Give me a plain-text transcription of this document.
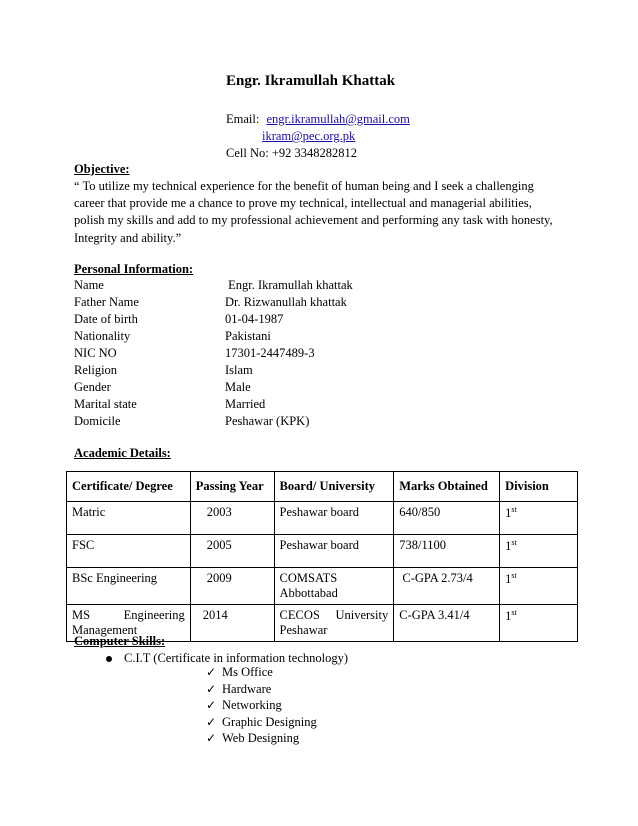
Engr. Ikramullah Khattak
Email: engr.ikramullah@gmail.com
ikram@pec.org.pk
Cell No: +92 3348282812
Objective:
“ To utilize my technical experience for the benefit of human being and I seek a challenging
career that provide me a chance to prove my technical, intellectual and managerial abilities,
polish my skills and add to my professional achievement and performing any task with honesty,
Integrity and ability.”
Personal Information:
Name	Engr. Ikramullah khattak
Father Name	Dr. Rizwanullah khattak
Date of birth	01-04-1987
Nationality	Pakistani
NIC NO	17301-2447489-3
Religion	Islam
Gender	Male
Marital state	Married
Domicile	Peshawar (KPK)
Academic Details:
Certificate/ Degree	Passing Year	Board/ University	Marks Obtained	Division
Matric	2003	Peshawar board	640/850	1st
FSC	2005	Peshawar board	738/1100	1st
BSc Engineering	2009	COMSATS Abbottabad	C-GPA 2.73/4	1st
MS Engineering Management	2014	CECOS University Peshawar	C-GPA 3.41/4	1st
Computer Skills:
C.I.T (Certificate in information technology)
✓ Ms Office
✓ Hardware
✓ Networking
✓ Graphic Designing
✓ Web Designing
